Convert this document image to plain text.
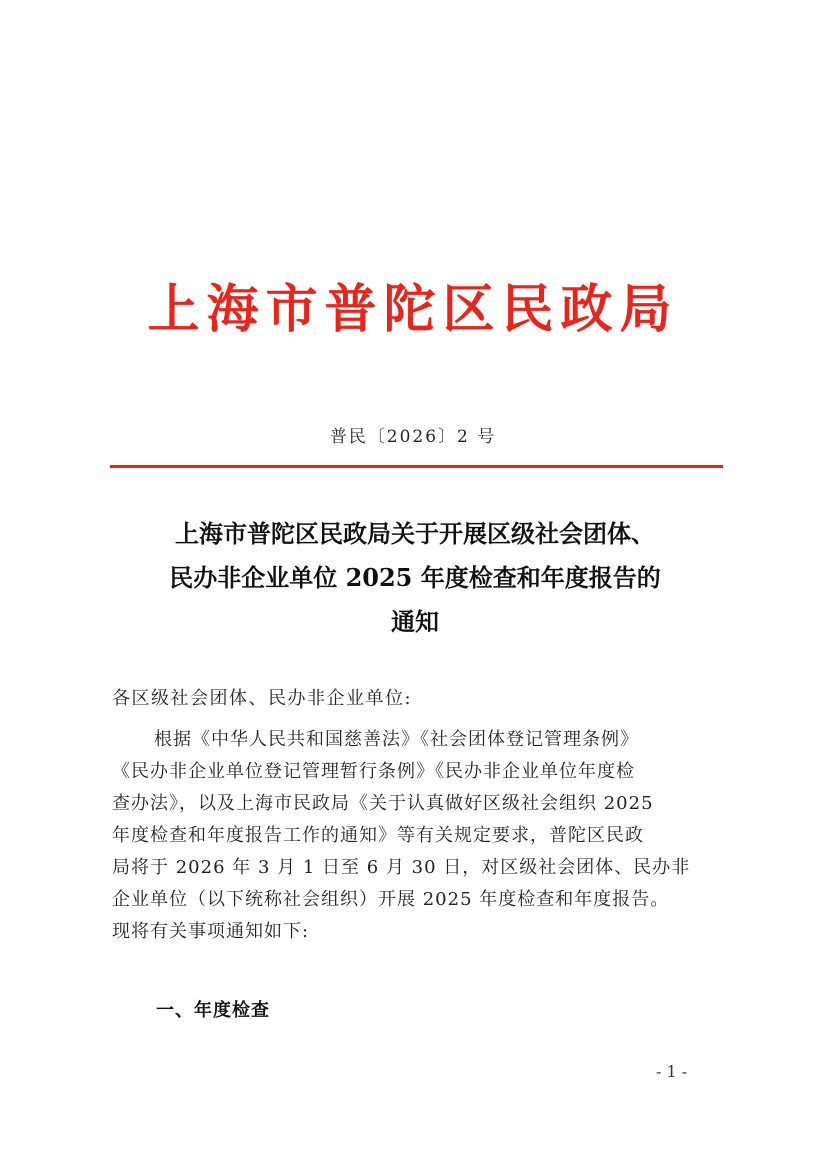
上海市普陀区民政局
普民〔2026〕2 号
上海市普陀区民政局关于开展区级社会团体、
民办非企业单位 2025 年度检查和年度报告的
通知
各区级社会团体、民办非企业单位:
根据《中华人民共和国慈善法》《社会团体登记管理条例》
《民办非企业单位登记管理暂行条例》《民办非企业单位年度检
查办法》，以及上海市民政局《关于认真做好区级社会组织 2025
年度检查和年度报告工作的通知》等有关规定要求，普陀区民政
局将于 2026 年 3 月 1 日至 6 月 30 日，对区级社会团体、民办非
企业单位（以下统称社会组织）开展 2025 年度检查和年度报告。
现将有关事项通知如下:
一、年度检查
- 1 -
